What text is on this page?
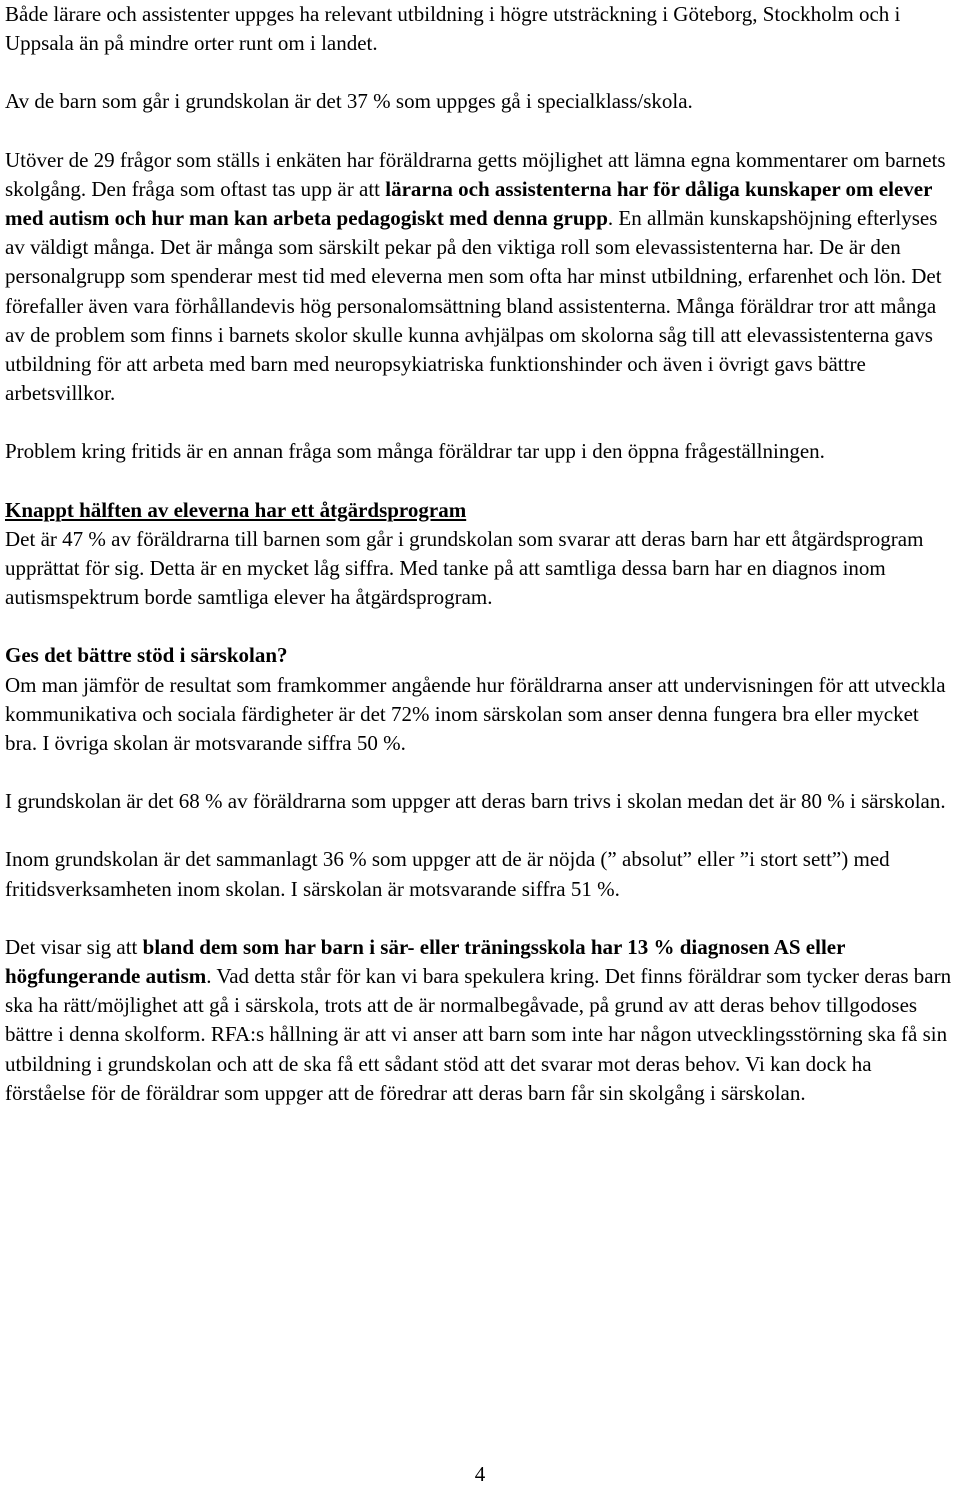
Både lärare och assistenter uppges ha relevant utbildning i högre utsträckning i Göteborg, Stockholm och i Uppsala än på mindre orter runt om i landet.

Av de barn som går i grundskolan är det 37 % som uppges gå i specialklass/skola.

Utöver de 29 frågor som ställs i enkäten har föräldrarna getts möjlighet att lämna egna kommentarer om barnets skolgång. Den fråga som oftast tas upp är att lärarna och assistenterna har för dåliga kunskaper om elever med autism och hur man kan arbeta pedagogiskt med denna grupp. En allmän kunskapshöjning efterlyses av väldigt många. Det är många som särskilt pekar på den viktiga roll som elevassistenterna har. De är den personalgrupp som spenderar mest tid med eleverna men som ofta har minst utbildning, erfarenhet och lön. Det förefaller även vara förhållandevis hög personalomsättning bland assistenterna. Många föräldrar tror att många av de problem som finns i barnets skolor skulle kunna avhjälpas om skolorna såg till att elevassistenterna gavs utbildning för att arbeta med barn med neuropsykiatriska funktionshinder och även i övrigt gavs bättre arbetsvillkor.

Problem kring fritids är en annan fråga som många föräldrar tar upp i den öppna frågeställningen.

Knappt hälften av eleverna har ett åtgärdsprogram

Det är 47 % av föräldrarna till barnen som går i grundskolan som svarar att deras barn har ett åtgärdsprogram upprättat för sig. Detta är en mycket låg siffra. Med tanke på att samtliga dessa barn har en diagnos inom autismspektrum borde samtliga elever ha åtgärdsprogram.

Ges det bättre stöd i särskolan?

Om man jämför de resultat som framkommer angående hur föräldrarna anser att undervisningen för att utveckla kommunikativa och sociala färdigheter är det 72% inom särskolan som anser denna fungera bra eller mycket bra. I övriga skolan är motsvarande siffra 50 %.

I grundskolan är det 68 % av föräldrarna som uppger att deras barn trivs i skolan medan det är 80 % i särskolan.

Inom grundskolan är det sammanlagt 36 % som uppger att de är nöjda (” absolut” eller ”i stort sett”) med fritidsverksamheten inom skolan. I särskolan är motsvarande siffra 51 %.

Det visar sig att bland dem som har barn i sär- eller träningsskola har 13 % diagnosen AS eller högfungerande autism. Vad detta står för kan vi bara spekulera kring. Det finns föräldrar som tycker deras barn ska ha rätt/möjlighet att gå i särskola, trots att de är normalbegåvade, på grund av att deras behov tillgodoses bättre i denna skolform. RFA:s hållning är att vi anser att barn som inte har någon utvecklingsstörning ska få sin utbildning i grundskolan och att de ska få ett sådant stöd att det svarar mot deras behov. Vi kan dock ha förståelse för de föräldrar som uppger att de föredrar att deras barn får sin skolgång i särskolan.

4
